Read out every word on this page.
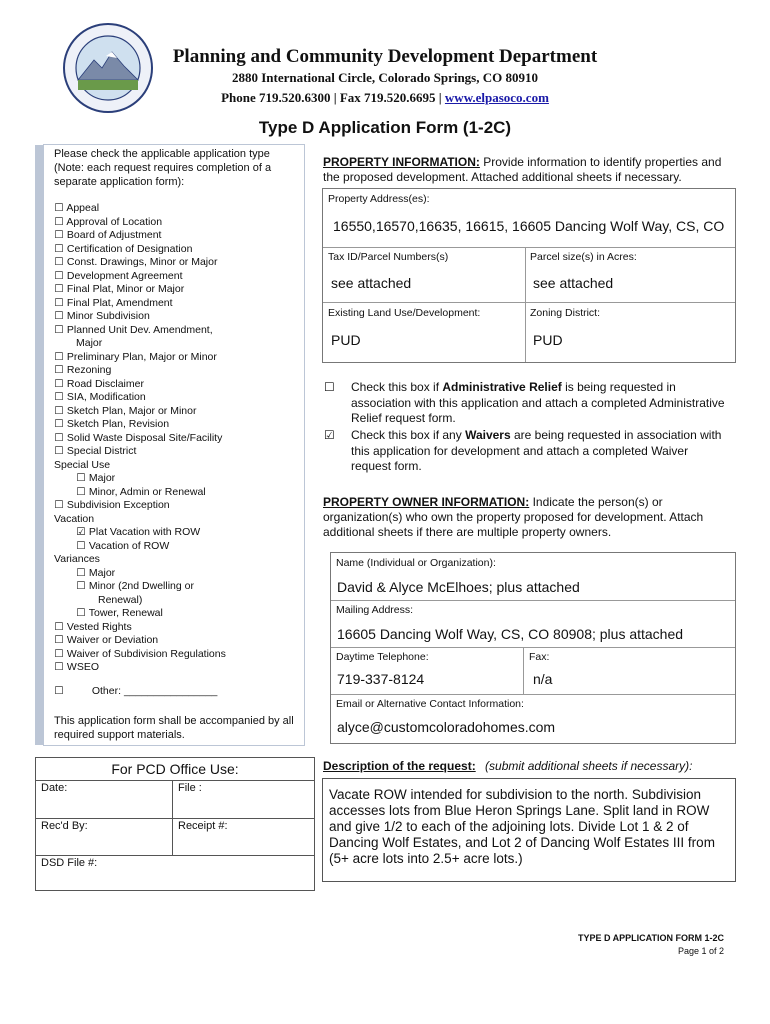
Planning and Community Development Department
2880 International Circle, Colorado Springs, CO 80910
Phone 719.520.6300 | Fax 719.520.6695 | www.elpasoco.com
Type D Application Form (1-2C)
Please check the applicable application type (Note: each request requires completion of a separate application form):
☐ Appeal
☐ Approval of Location
☐ Board of Adjustment
☐ Certification of Designation
☐ Const. Drawings, Minor or Major
☐ Development Agreement
☐ Final Plat, Minor or Major
☐ Final Plat, Amendment
☐ Minor Subdivision
☐ Planned Unit Dev. Amendment,
Major
☐ Preliminary Plan, Major or Minor
☐ Rezoning
☐ Road Disclaimer
☐ SIA, Modification
☐ Sketch Plan, Major or Minor
☐ Sketch Plan, Revision
☐ Solid Waste Disposal Site/Facility
☐ Special District
Special Use
☐ Major
☐ Minor, Admin or Renewal
☐ Subdivision Exception
Vacation
☑ Plat Vacation with ROW
☐ Vacation of ROW
Variances
☐ Major
☐ Minor (2nd Dwelling or
Renewal)
☐ Tower, Renewal
☐ Vested Rights
☐ Waiver or Deviation
☐ Waiver of Subdivision Regulations
☐ WSEO
☐	Other: ________________
This application form shall be accompanied by all required support materials.
For PCD Office Use:
Date:	File :
Rec'd By:	Receipt #:
DSD File #:
PROPERTY INFORMATION: Provide information to identify properties and the proposed development. Attached additional sheets if necessary.
Property Address(es):
16550,16570,16635, 16615, 16605 Dancing Wolf Way, CS, CO
Tax ID/Parcel Numbers(s)	Parcel size(s) in Acres:
see attached	see attached
Existing Land Use/Development:	Zoning District:
PUD	PUD
☐ Check this box if Administrative Relief is being requested in association with this application and attach a completed Administrative Relief request form.
☑ Check this box if any Waivers are being requested in association with this application for development and attach a completed Waiver request form.
PROPERTY OWNER INFORMATION: Indicate the person(s) or organization(s) who own the property proposed for development. Attach additional sheets if there are multiple property owners.
Name (Individual or Organization):
David & Alyce McElhoes; plus attached
Mailing Address:
16605 Dancing Wolf Way, CS, CO 80908; plus attached
Daytime Telephone:	Fax:
719-337-8124	n/a
Email or Alternative Contact Information:
alyce@customcoloradohomes.com
Description of the request: (submit additional sheets if necessary):
Vacate ROW intended for subdivision to the north. Subdivision accesses lots from Blue Heron Springs Lane. Split land in ROW and give 1/2 to each of the adjoining lots. Divide Lot 1 & 2 of Dancing Wolf Estates, and Lot 2 of Dancing Wolf Estates III from (5+ acre lots into 2.5+ acre lots.)
TYPE D APPLICATION FORM 1-2C
Page 1 of 2
